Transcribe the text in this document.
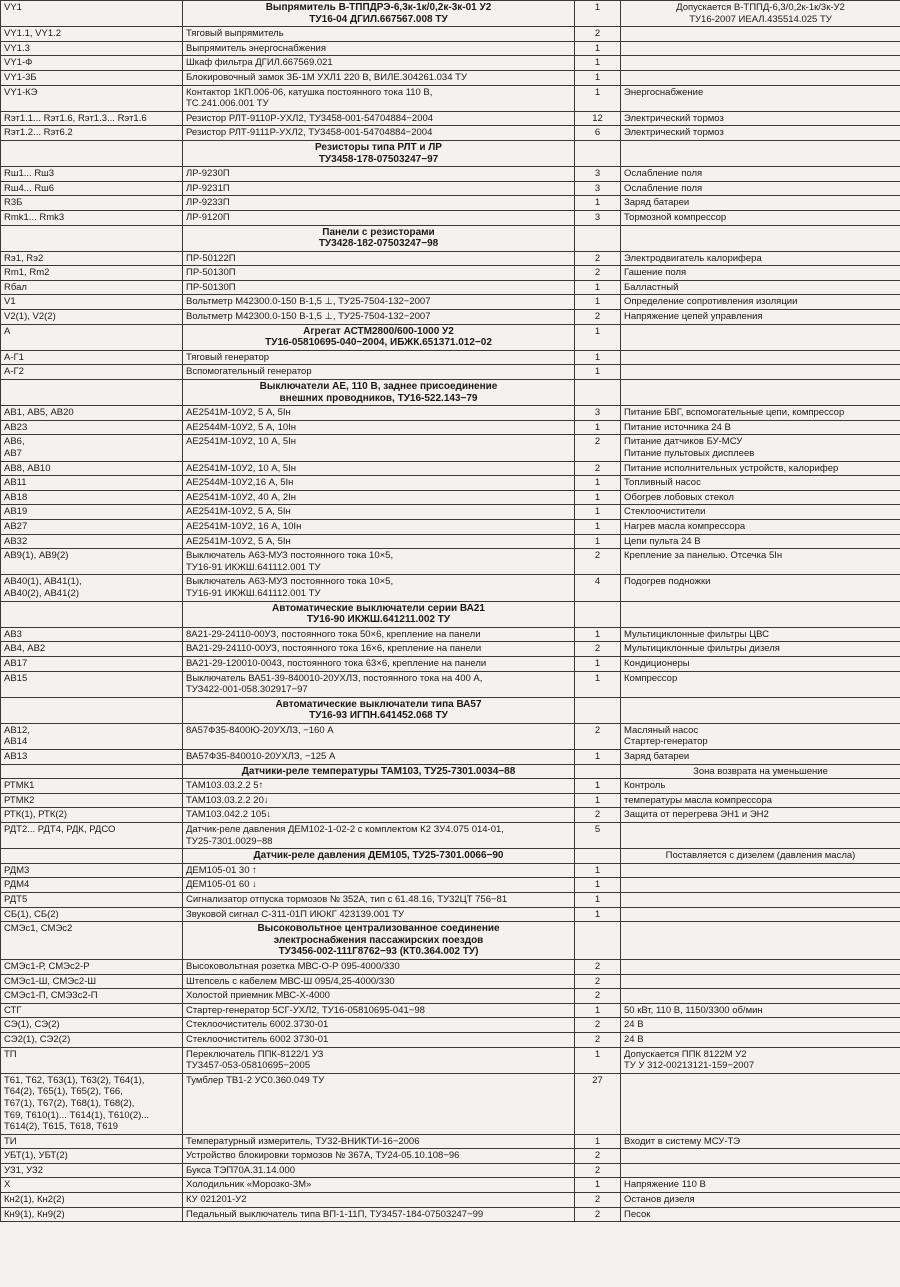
VY1	Выпрямитель В-ТППДРЭ-6,3к-1к/0,2к-3к-01 У2
ТУ16-04 ДГИЛ.667567.008 ТУ	1	Допускается В-ТППД-6,3/0,2к-1к/3к-У2
ТУ16-2007 ИЕАЛ.435514.025 ТУ
VY1.1, VY1.2	Тяговый выпрямитель	2	
VY1.3	Выпрямитель энергоснабжения	1	
VY1-Ф	Шкаф фильтра ДГИЛ.667569.021	1	
VY1-3Б	Блокировочный замок ЗБ-1М УХЛ1 220 В, ВИЛЕ.304261.034 ТУ	1	
VY1-КЭ	Контактор 1КП.006-06, катушка постоянного тока 110 В,
ТС.241.006.001 ТУ	1	Энергоснабжение
Rэт1.1... Rэт1.6, Rэт1.3... Rэт1.6	Резистор РЛТ-9110Р-УХЛ2, ТУ3458-001-54704884−2004	12	Электрический тормоз
Rэт1.2... Rэт6.2	Резистор РЛТ-9111Р-УХЛ2, ТУ3458-001-54704884−2004	6	Электрический тормоз
	Резисторы типа РЛТ и ЛР
ТУ3458-178-07503247−97		
Rш1... Rш3	ЛР-9230П	3	Ослабление поля
Rш4... Rш6	ЛР-9231П	3	Ослабление поля
R3Б	ЛР-9233П	1	Заряд батареи
Rmk1... Rmk3	ЛР-9120П	3	Тормозной компрессор
	Панели с резисторами
ТУ3428-182-07503247−98		
Rэ1, Rэ2	ПР-50122П	2	Электродвигатель калорифера
Rm1, Rm2	ПР-50130П	2	Гашение поля
Rбал	ПР-50130П	1	Балластный
V1	Вольтметр М42300.0-150 В-1,5 ⊥, ТУ25-7504-132−2007	1	Определение сопротивления изоляции
V2(1), V2(2)	Вольтметр М42300.0-150 В-1,5 ⊥, ТУ25-7504-132−2007	2	Напряжение цепей управления
А	Агрегат АСТМ2800/600-1000 У2
ТУ16-05810695-040−2004, ИБЖК.651371.012−02	1	
А-Г1	Тяговый генератор	1	
А-Г2	Вспомогательный генератор	1	
	Выключатели АЕ, 110 В, заднее присоединение
внешних проводников, ТУ16-522.143−79		
АВ1, АВ5, АВ20	АЕ2541М-10У2, 5 А, 5Iн	3	Питание БВГ, вспомогательные цепи, компрессор
АВ23	АЕ2544М-10У2, 5 А, 10Iн	1	Питание источника 24 В
АВ6,
АВ7	АЕ2541М-10У2, 10 А, 5Iн	2	Питание датчиков БУ-МСУ
Питание пультовых дисплеев
АВ8, АВ10	АЕ2541М-10У2, 10 А, 5Iн	2	Питание исполнительных устройств, калорифер
АВ11	АЕ2544М-10У2,16 А, 5Iн	1	Топливный насос
АВ18	АЕ2541М-10У2, 40 А, 2Iн	1	Обогрев лобовых стекол
АВ19	АЕ2541М-10У2, 5 А, 5Iн	1	Стеклоочистители
АВ27	АЕ2541М-10У2, 16 А, 10Iн	1	Нагрев масла компрессора
АВ32	АЕ2541М-10У2, 5 А, 5Iн	1	Цепи пульта 24 В
АВ9(1), АВ9(2)	Выключатель А63-МУЗ постоянного тока 10×5,
ТУ16-91 ИКЖШ.641112.001 ТУ	2	Крепление за панелью. Отсечка 5Iн
АВ40(1), АВ41(1),
АВ40(2), АВ41(2)	Выключатель А63-МУЗ постоянного тока 10×5,
ТУ16-91 ИКЖШ.641112.001 ТУ	4	Подогрев подножки
	Автоматические выключатели серии ВА21
ТУ16-90 ИКЖШ.641211.002 ТУ		
АВ3	8А21-29-24110-00УЗ, постоянного тока 50×6, крепление на панели	1	Мультициклонные фильтры ЦВС
АВ4, АВ2	ВА21-29-24110-00УЗ, постоянного тока 16×6, крепление на панели	2	Мультициклонные фильтры дизеля
АВ17	ВА21-29-120010-0043, постоянного тока 63×6, крепление на панели	1	Кондиционеры
АВ15	Выключатель ВА51-39-840010-20УХЛЗ, постоянного тока на 400 А,
ТУЗ422-001-058.302917−97	1	Компрессор
	Автоматические выключатели типа ВА57
ТУ16-93 ИГПН.641452.068 ТУ		
АВ12,
АВ14	8А57Ф35-8400Ю-20УХЛЗ, −160 А	2	Масляный насос
Стартер-генератор
АВ13	ВА57Ф35-840010-20УХЛЗ, −125 А	1	Заряд батареи
	Датчики-реле температуры ТАМ103, ТУ25-7301.0034−88		Зона возврата на уменьшение
РТМК1	ТАМ103.03.2.2 5↑	1	Контроль
РТМК2	ТАМ103.03.2.2 20↓	1	температуры масла компрессора
РТК(1), РТК(2)	ТАМ103.042.2 105↓	2	Защита от перегрева ЭН1 и ЭН2
РДТ2... РДТ4, РДК, РДСО	Датчик-реле давления ДЕМ102-1-02-2 с комплектом К2 ЗУ4.075 014-01,
ТУ25-7301.0029−88	5	
	Датчик-реле давления ДЕМ105, ТУ25-7301.0066−90		Поставляется с дизелем (давления масла)
РДМ3	ДЕМ105-01 30 ↑	1	
РДМ4	ДЕМ105-01 60 ↓	1	
РДТ5	Сигнализатор отпуска тормозов № 352А, тип с 61.48.16, ТУ32ЦТ 756−81	1	
СБ(1), СБ(2)	Звуковой сигнал С-311-01П ИЮКГ 423139.001 ТУ	1	
СМЭс1, СМЭс2	Высоковольтное централизованное соединение
электроснабжения пассажирских поездов
ТУ3456-002-111Г8762−93 (КТ0.364.002 ТУ)		
СМЭс1-Р, СМЭс2-Р	Высоковольтная розетка МВС-О-Р 095-4000/330	2	
СМЭс1-Ш, СМЭс2-Ш	Штепсель с кабелем МВС-Ш 095/4,25-4000/330	2	
СМЭс1-П, СМЭ3с2-П	Холостой приемник МВС-Х-4000	2	
СТГ	Стартер-генератор 5СГ-УХЛ2, ТУ16-05810695-041−98	1	50 кВт, 110 В, 1150/3300 об/мин
СЭ(1), СЭ(2)	Стеклоочиститель 6002.3730-01	2	24 В
СЭ2(1), СЭ2(2)	Стеклоочиститель 6002 3730-01	2	24 В
ТП	Переключатель ППК-8122/1 УЗ
ТУ3457-053-05810695−2005	1	Допускается ППК 8122М У2
ТУ У 312-00213121-159−2007
Т61, Т62, Т63(1), Т63(2), Т64(1),
Т64(2), Т65(1), Т65(2), Т66,
Т67(1), Т67(2), Т68(1), Т68(2),
Т69, Т610(1)... Т614(1), Т610(2)...
Т614(2), Т615, Т618, Т619	Тумблер ТВ1-2 УС0.360.049 ТУ	27	
ТИ	Температурный измеритель, ТУ32-ВНИКТИ-16−2006	1	Входит в систему МСУ-ТЭ
УБТ(1), УБТ(2)	Устройство блокировки тормозов № 367А, ТУ24-05.10.108−96	2	
УЗ1, УЗ2	Букса ТЭП70А.31.14.000	2	
Х	Холодильник «Морозко-3М»	1	Напряжение 110 В
Кн2(1), Кн2(2)	КУ 021201-У2	2	Останов дизеля
Кн9(1), Кн9(2)	Педальный выключатель типа ВП-1-11П, ТУ3457-184-07503247−99	2	Песок
